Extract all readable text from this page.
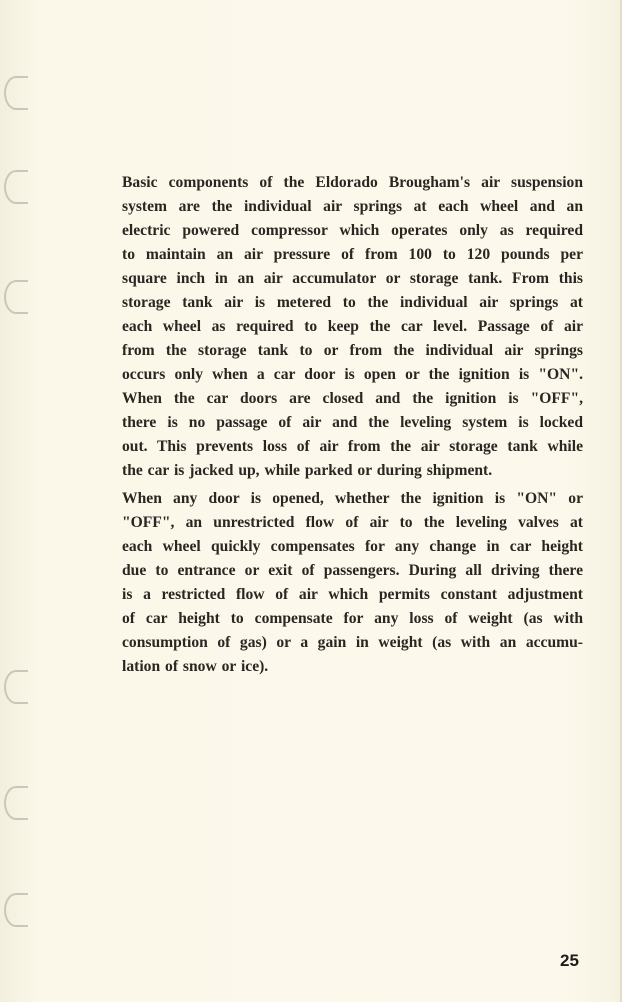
Basic components of the Eldorado Brougham's air suspension
system are the individual air springs at each wheel and an
electric powered compressor which operates only as required
to maintain an air pressure of from 100 to 120 pounds per
square inch in an air accumulator or storage tank. From this
storage tank air is metered to the individual air springs at
each wheel as required to keep the car level. Passage of air
from the storage tank to or from the individual air springs
occurs only when a car door is open or the ignition is "ON".
When the car doors are closed and the ignition is "OFF",
there is no passage of air and the leveling system is locked
out. This prevents loss of air from the air storage tank while
the car is jacked up, while parked or during shipment.
When any door is opened, whether the ignition is "ON" or
"OFF", an unrestricted flow of air to the leveling valves at
each wheel quickly compensates for any change in car height
due to entrance or exit of passengers. During all driving there
is a restricted flow of air which permits constant adjustment
of car height to compensate for any loss of weight (as with
consumption of gas) or a gain in weight (as with an accumu-
lation of snow or ice).
25
